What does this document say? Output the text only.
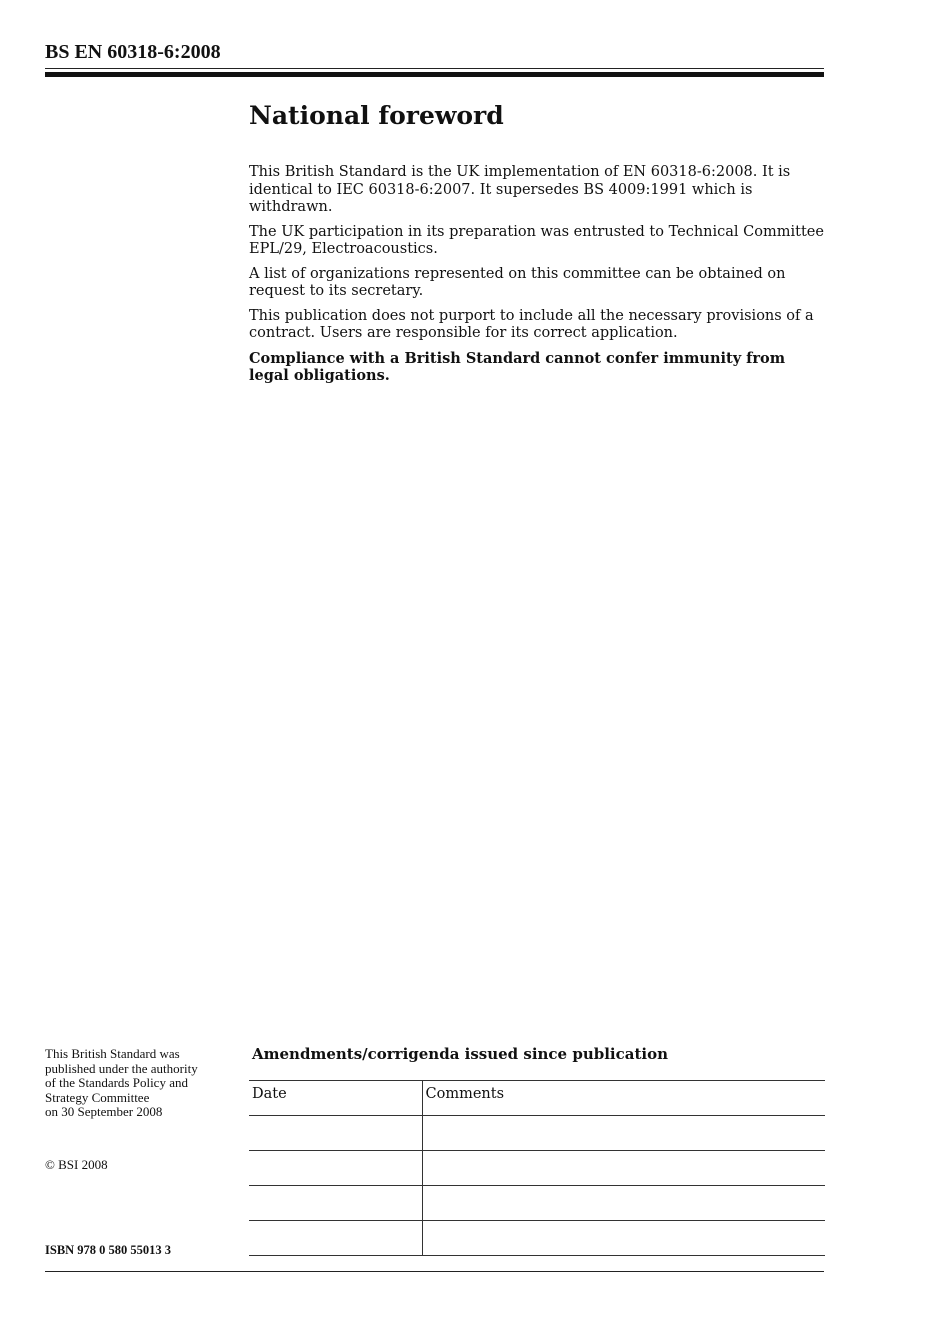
BS EN 60318-6:2008
National foreword

This British Standard is the UK implementation of EN 60318-6:2008. It is identical to IEC 60318-6:2007. It supersedes BS 4009:1991 which is withdrawn.

The UK participation in its preparation was entrusted to Technical Committee EPL/29, Electroacoustics.

A list of organizations represented on this committee can be obtained on request to its secretary.

This publication does not purport to include all the necessary provisions of a contract. Users are responsible for its correct application.

Compliance with a British Standard cannot confer immunity from legal obligations.

This British Standard was
published under the authority
of the Standards Policy and
Strategy Committee
on 30 September 2008

© BSI 2008

ISBN 978 0 580 55013 3

Amendments/corrigenda issued since publication
Date	Comments
